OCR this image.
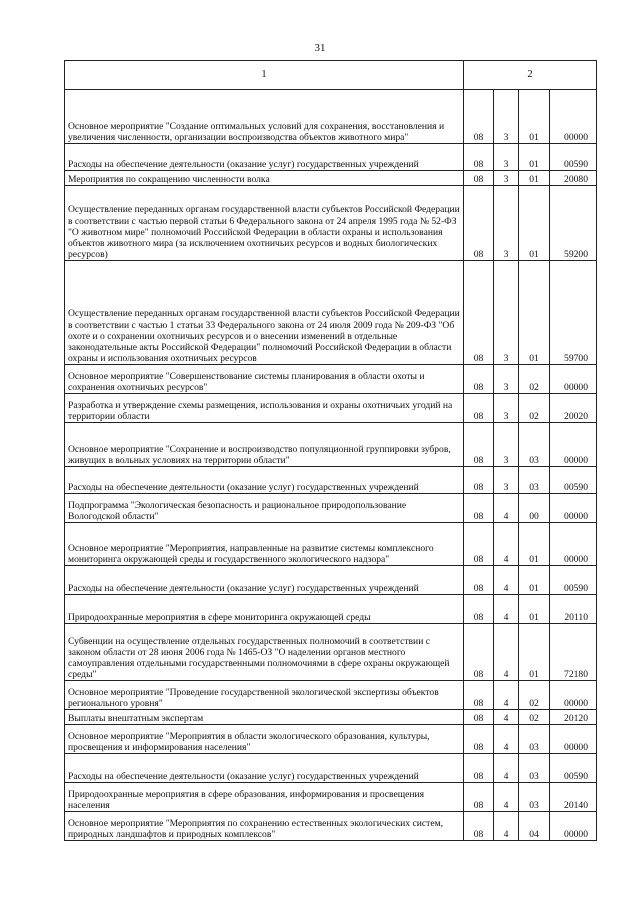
31
1	2			
Основное мероприятие "Создание оптимальных условий для сохранения, восстановления и увеличения численности, организации воспроизводства объектов животного мира"	08	3	01	00000
Расходы на обеспечение деятельности (оказание услуг) государственных учреждений	08	3	01	00590
Мероприятия по сокращению численности волка	08	3	01	20080
Осуществление переданных органам государственной власти субъектов Российской Федерации в соответствии с частью первой статьи 6 Федерального закона от 24 апреля 1995 года № 52-ФЗ "О животном мире" полномочий Российской Федерации в области охраны и использования объектов животного мира (за исключением охотничьих ресурсов и водных биологических ресурсов)	08	3	01	59200
Осуществление переданных органам государственной власти субъектов Российской Федерации в соответствии с частью 1 статьи 33 Федерального закона от 24 июля 2009 года № 209-ФЗ "Об охоте и о сохранении охотничьих ресурсов и о внесении изменений в отдельные законодательные акты Российской Федерации" полномочий Российской Федерации в области охраны и использования охотничьих ресурсов	08	3	01	59700
Основное мероприятие "Совершенствование системы планирования в области охоты и сохранения охотничьих ресурсов"	08	3	02	00000
Разработка и утверждение схемы размещения, использования и охраны охотничьих угодий на территории области	08	3	02	20020
Основное мероприятие "Сохранение и воспроизводство популяционной группировки зубров, живущих в вольных условиях на территории области"	08	3	03	00000
Расходы на обеспечение деятельности (оказание услуг) государственных учреждений	08	3	03	00590
Подпрограмма "Экологическая безопасность и рациональное природопользование Вологодской области"	08	4	00	00000
Основное мероприятие "Мероприятия, направленные на развитие системы комплексного мониторинга окружающей среды и государственного экологического надзора"	08	4	01	00000
Расходы на обеспечение деятельности (оказание услуг) государственных учреждений	08	4	01	00590
Природоохранные мероприятия в сфере мониторинга окружающей среды	08	4	01	20110
Субвенции на осуществление отдельных государственных полномочий в соответствии с законом области от 28 июня 2006 года № 1465-ОЗ "О наделении органов местного самоуправления отдельными государственными полномочиями в сфере охраны окружающей среды"	08	4	01	72180
Основное мероприятие "Проведение государственной экологической экспертизы объектов регионального уровня"	08	4	02	00000
Выплаты внештатным экспертам	08	4	02	20120
Основное мероприятие "Мероприятия в области экологического образования, культуры, просвещения и информирования населения"	08	4	03	00000
Расходы на обеспечение деятельности (оказание услуг) государственных учреждений	08	4	03	00590
Природоохранные мероприятия в сфере образования, информирования и просвещения населения	08	4	03	20140
Основное мероприятие "Мероприятия по сохранению естественных экологических систем, природных ландшафтов и природных комплексов"	08	4	04	00000
